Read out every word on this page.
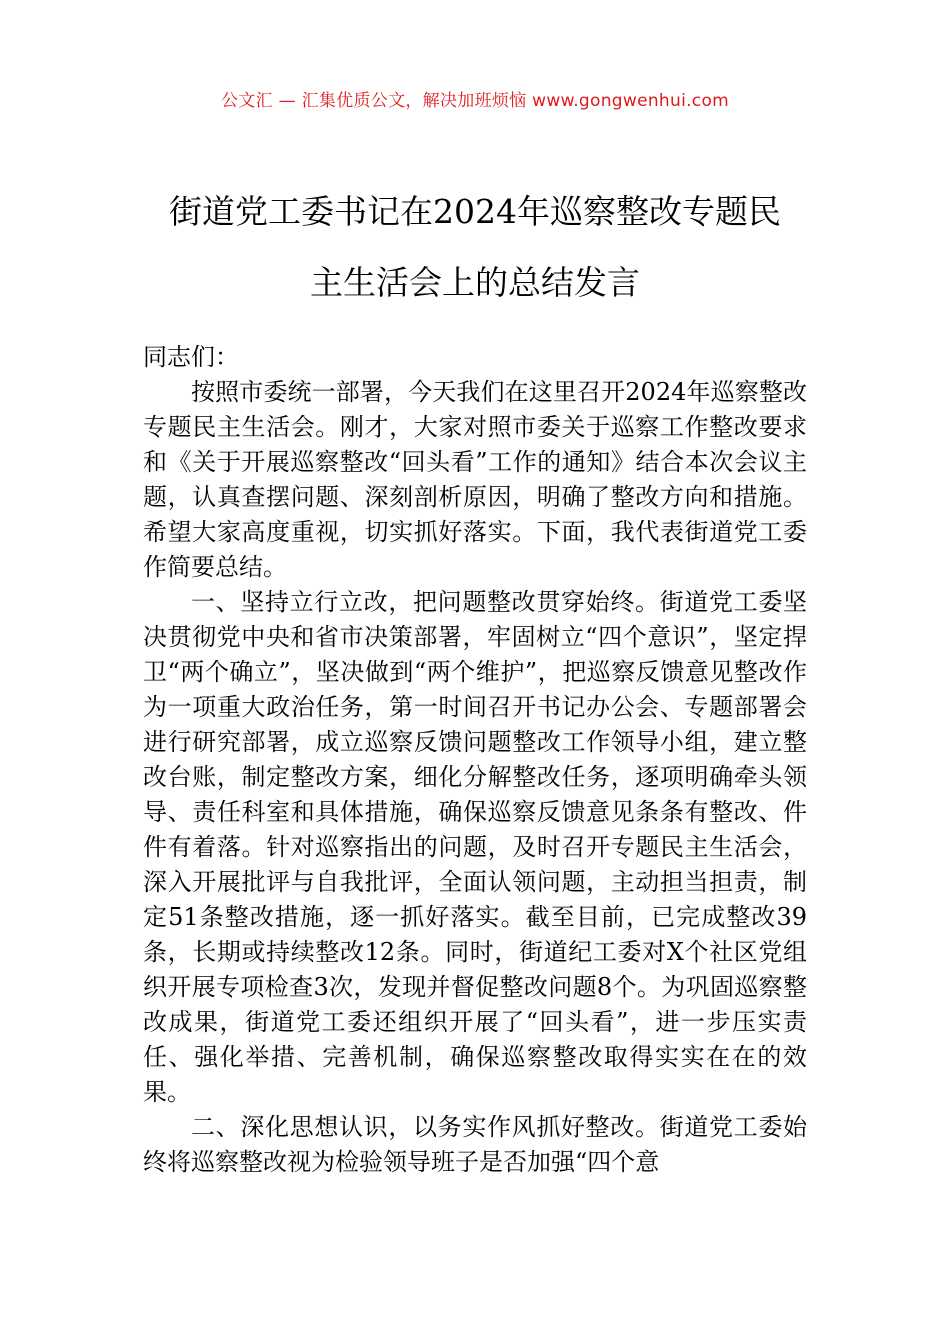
公文汇 — 汇集优质公文，解决加班烦恼 www.gongwenhui.com
街道党工委书记在2024年巡察整改专题民
主生活会上的总结发言

同志们：

按照市委统一部署，今天我们在这里召开2024年巡察整改专题民主生活会。刚才，大家对照市委关于巡察工作整改要求和《关于开展巡察整改“回头看”工作的通知》结合本次会议主题，认真查摆问题、深刻剖析原因，明确了整改方向和措施。希望大家高度重视，切实抓好落实。下面，我代表街道党工委作简要总结。

一、坚持立行立改，把问题整改贯穿始终。街道党工委坚决贯彻党中央和省市决策部署，牢固树立“四个意识”，坚定捍卫“两个确立”，坚决做到“两个维护”，把巡察反馈意见整改作为一项重大政治任务，第一时间召开书记办公会、专题部署会进行研究部署，成立巡察反馈问题整改工作领导小组，建立整改台账，制定整改方案，细化分解整改任务，逐项明确牵头领导、责任科室和具体措施，确保巡察反馈意见条条有整改、件件有着落。针对巡察指出的问题，及时召开专题民主生活会，深入开展批评与自我批评，全面认领问题，主动担当担责，制定51条整改措施，逐一抓好落实。截至目前，已完成整改39条，长期或持续整改12条。同时，街道纪工委对X个社区党组织开展专项检查3次，发现并督促整改问题8个。为巩固巡察整改成果，街道党工委还组织开展了“回头看”，进一步压实责任、强化举措、完善机制，确保巡察整改取得实实在在的效果。

二、深化思想认识，以务实作风抓好整改。街道党工委始终将巡察整改视为检验领导班子是否加强“四个意
